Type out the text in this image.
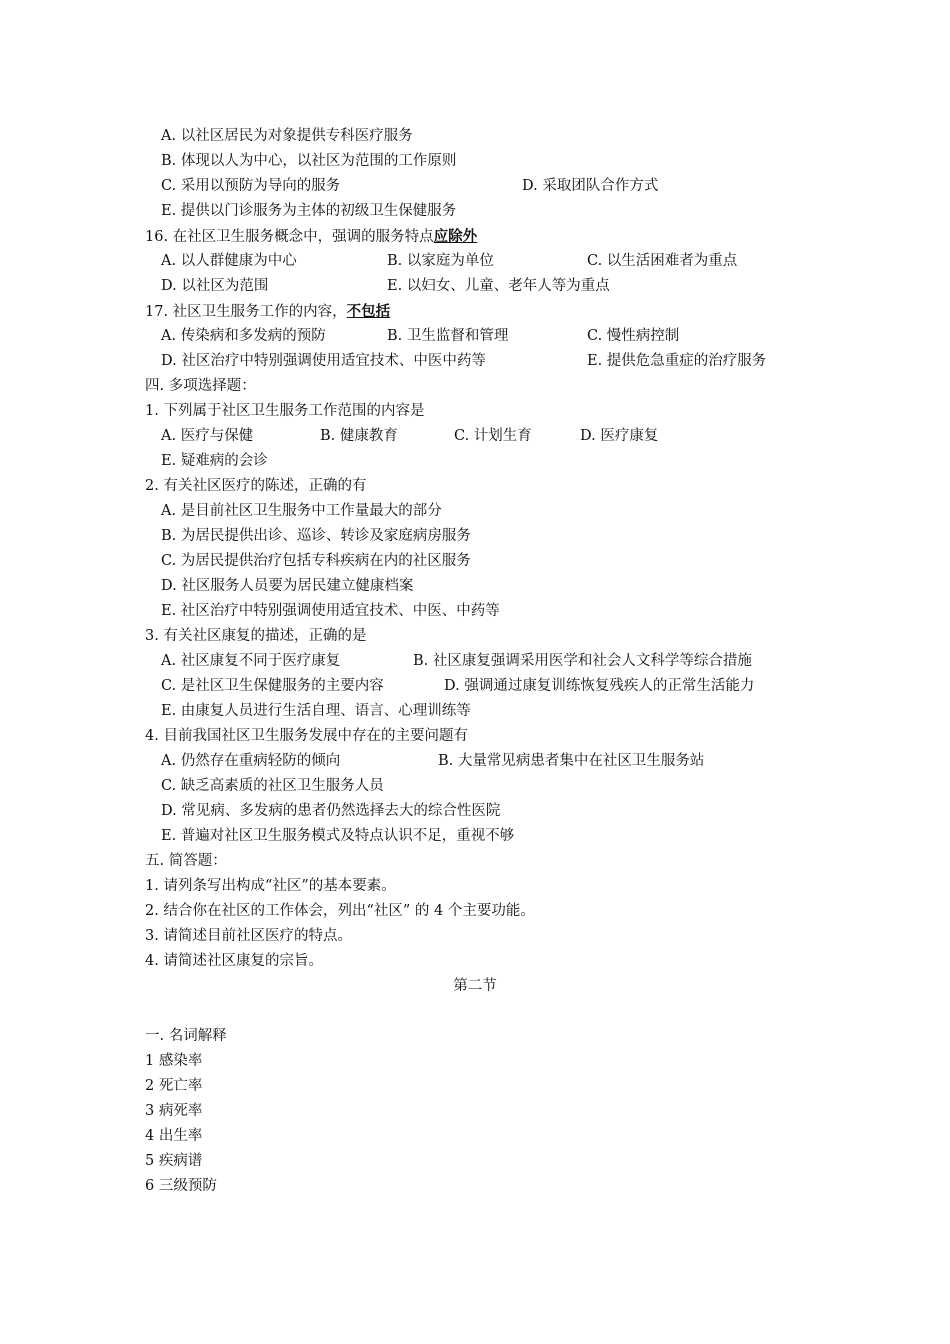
A. 以社区居民为对象提供专科医疗服务
B. 体现以人为中心，以社区为范围的工作原则
C. 采用以预防为导向的服务	D. 采取团队合作方式
E. 提供以门诊服务为主体的初级卫生保健服务
16. 在社区卫生服务概念中，强调的服务特点应除外
A. 以人群健康为中心	B. 以家庭为单位	C. 以生活困难者为重点
D. 以社区为范围	E. 以妇女、儿童、老年人等为重点
17. 社区卫生服务工作的内容，不包括
A. 传染病和多发病的预防	B. 卫生监督和管理	C. 慢性病控制
D. 社区治疗中特别强调使用适宜技术、中医中药等	E. 提供危急重症的治疗服务
四. 多项选择题：
1. 下列属于社区卫生服务工作范围的内容是
A. 医疗与保健	B. 健康教育	C. 计划生育	D. 医疗康复
E. 疑难病的会诊
2. 有关社区医疗的陈述，正确的有
A. 是目前社区卫生服务中工作量最大的部分
B. 为居民提供出诊、巡诊、转诊及家庭病房服务
C. 为居民提供治疗包括专科疾病在内的社区服务
D. 社区服务人员要为居民建立健康档案
E. 社区治疗中特别强调使用适宜技术、中医、中药等
3. 有关社区康复的描述，正确的是
A. 社区康复不同于医疗康复	B. 社区康复强调采用医学和社会人文科学等综合措施
C. 是社区卫生保健服务的主要内容	D. 强调通过康复训练恢复残疾人的正常生活能力
E. 由康复人员进行生活自理、语言、心理训练等
4. 目前我国社区卫生服务发展中存在的主要问题有
A. 仍然存在重病轻防的倾向	B. 大量常见病患者集中在社区卫生服务站
C. 缺乏高素质的社区卫生服务人员
D. 常见病、多发病的患者仍然选择去大的综合性医院
E. 普遍对社区卫生服务模式及特点认识不足，重视不够
五. 简答题：
1. 请列条写出构成“社区”的基本要素。
2. 结合你在社区的工作体会，列出“社区” 的 4 个主要功能。
3. 请简述目前社区医疗的特点。
4. 请简述社区康复的宗旨。
第二节
一. 名词解释
1 感染率
2 死亡率
3 病死率
4 出生率
5 疾病谱
6 三级预防
